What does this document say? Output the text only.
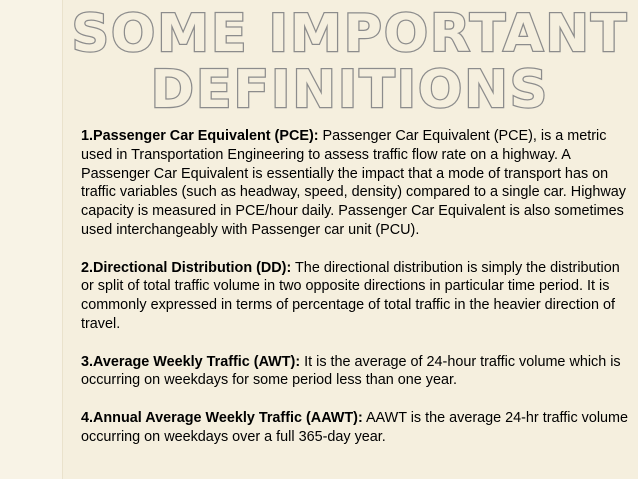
SOME IMPORTANT
DEFINITIONS

1.Passenger Car Equivalent (PCE): Passenger Car Equivalent (PCE), is a metric used in Transportation Engineering to assess traffic flow rate on a highway. A Passenger Car Equivalent is essentially the impact that a mode of transport has on traffic variables (such as headway, speed, density) compared to a single car. Highway capacity is measured in PCE/hour daily. Passenger Car Equivalent is also sometimes used interchangeably with Passenger car unit (PCU).

2.Directional Distribution (DD): The directional distribution is simply the distribution or split of total traffic volume in two opposite directions in particular time period. It is commonly expressed in terms of percentage of total traffic in the heavier direction of travel.

3.Average Weekly Traffic (AWT): It is the average of 24-hour traffic volume which is occurring on weekdays for some period less than one year.

4.Annual Average Weekly Traffic (AAWT): AAWT is the average 24-hr traffic volume occurring on weekdays over a full 365-day year.
